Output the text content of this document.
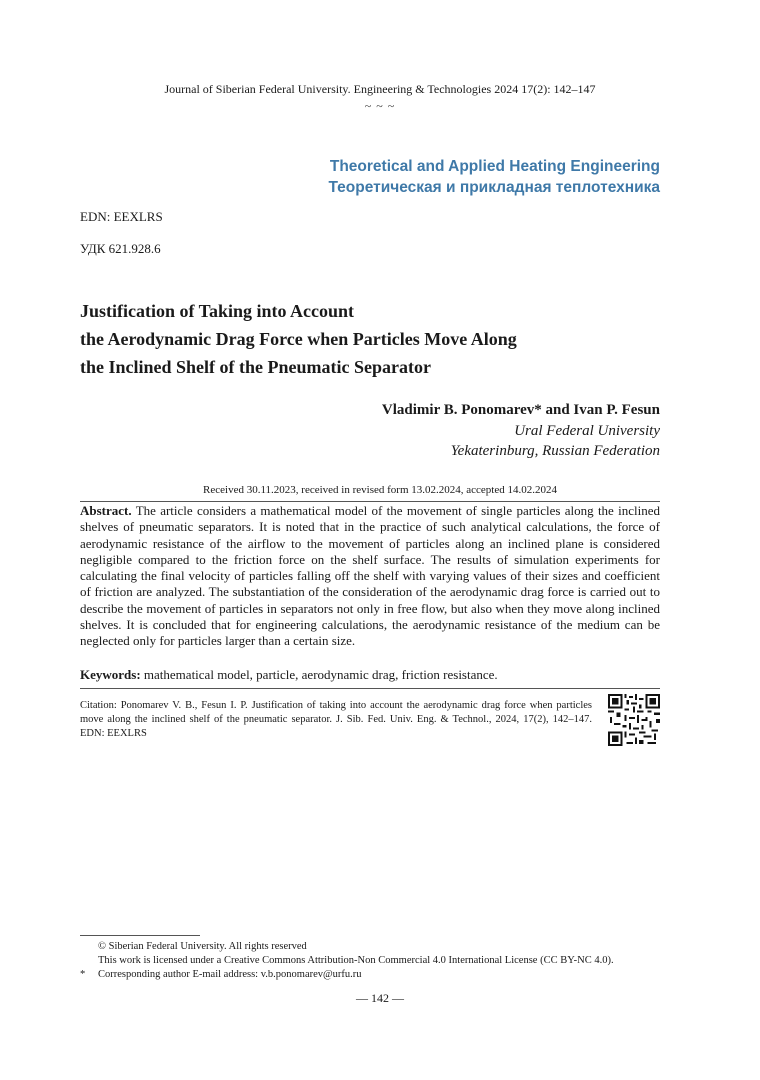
Journal of Siberian Federal University. Engineering & Technologies 2024 17(2): 142–147
~ ~ ~
Theoretical and Applied Heating Engineering
Теоретическая и прикладная теплотехника
EDN: EEXLRS
УДК 621.928.6
Justification of Taking into Account
the Aerodynamic Drag Force when Particles Move Along
the Inclined Shelf of the Pneumatic Separator
Vladimir B. Ponomarev* and Ivan P. Fesun
Ural Federal University
Yekaterinburg, Russian Federation
Received 30.11.2023, received in revised form 13.02.2024, accepted 14.02.2024
Abstract. The article considers a mathematical model of the movement of single particles along the inclined shelves of pneumatic separators. It is noted that in the practice of such analytical calculations, the force of aerodynamic resistance of the airflow to the movement of particles along an inclined plane is considered negligible compared to the friction force on the shelf surface. The results of simulation experiments for calculating the final velocity of particles falling off the shelf with varying values of their sizes and coefficient of friction are analyzed. The substantiation of the consideration of the aerodynamic drag force is carried out to describe the movement of particles in separators not only in free flow, but also when they move along inclined shelves. It is concluded that for engineering calculations, the aerodynamic resistance of the medium can be neglected only for particles larger than a certain size.
Keywords: mathematical model, particle, aerodynamic drag, friction resistance.
Citation: Ponomarev V. B., Fesun I. P. Justification of taking into account the aerodynamic drag force when particles move along the inclined shelf of the pneumatic separator. J. Sib. Fed. Univ. Eng. & Technol., 2024, 17(2), 142–147. EDN: EEXLRS
© Siberian Federal University. All rights reserved
This work is licensed under a Creative Commons Attribution-Non Commercial 4.0 International License (CC BY-NC 4.0).
* Corresponding author E-mail address: v.b.ponomarev@urfu.ru
— 142 —
